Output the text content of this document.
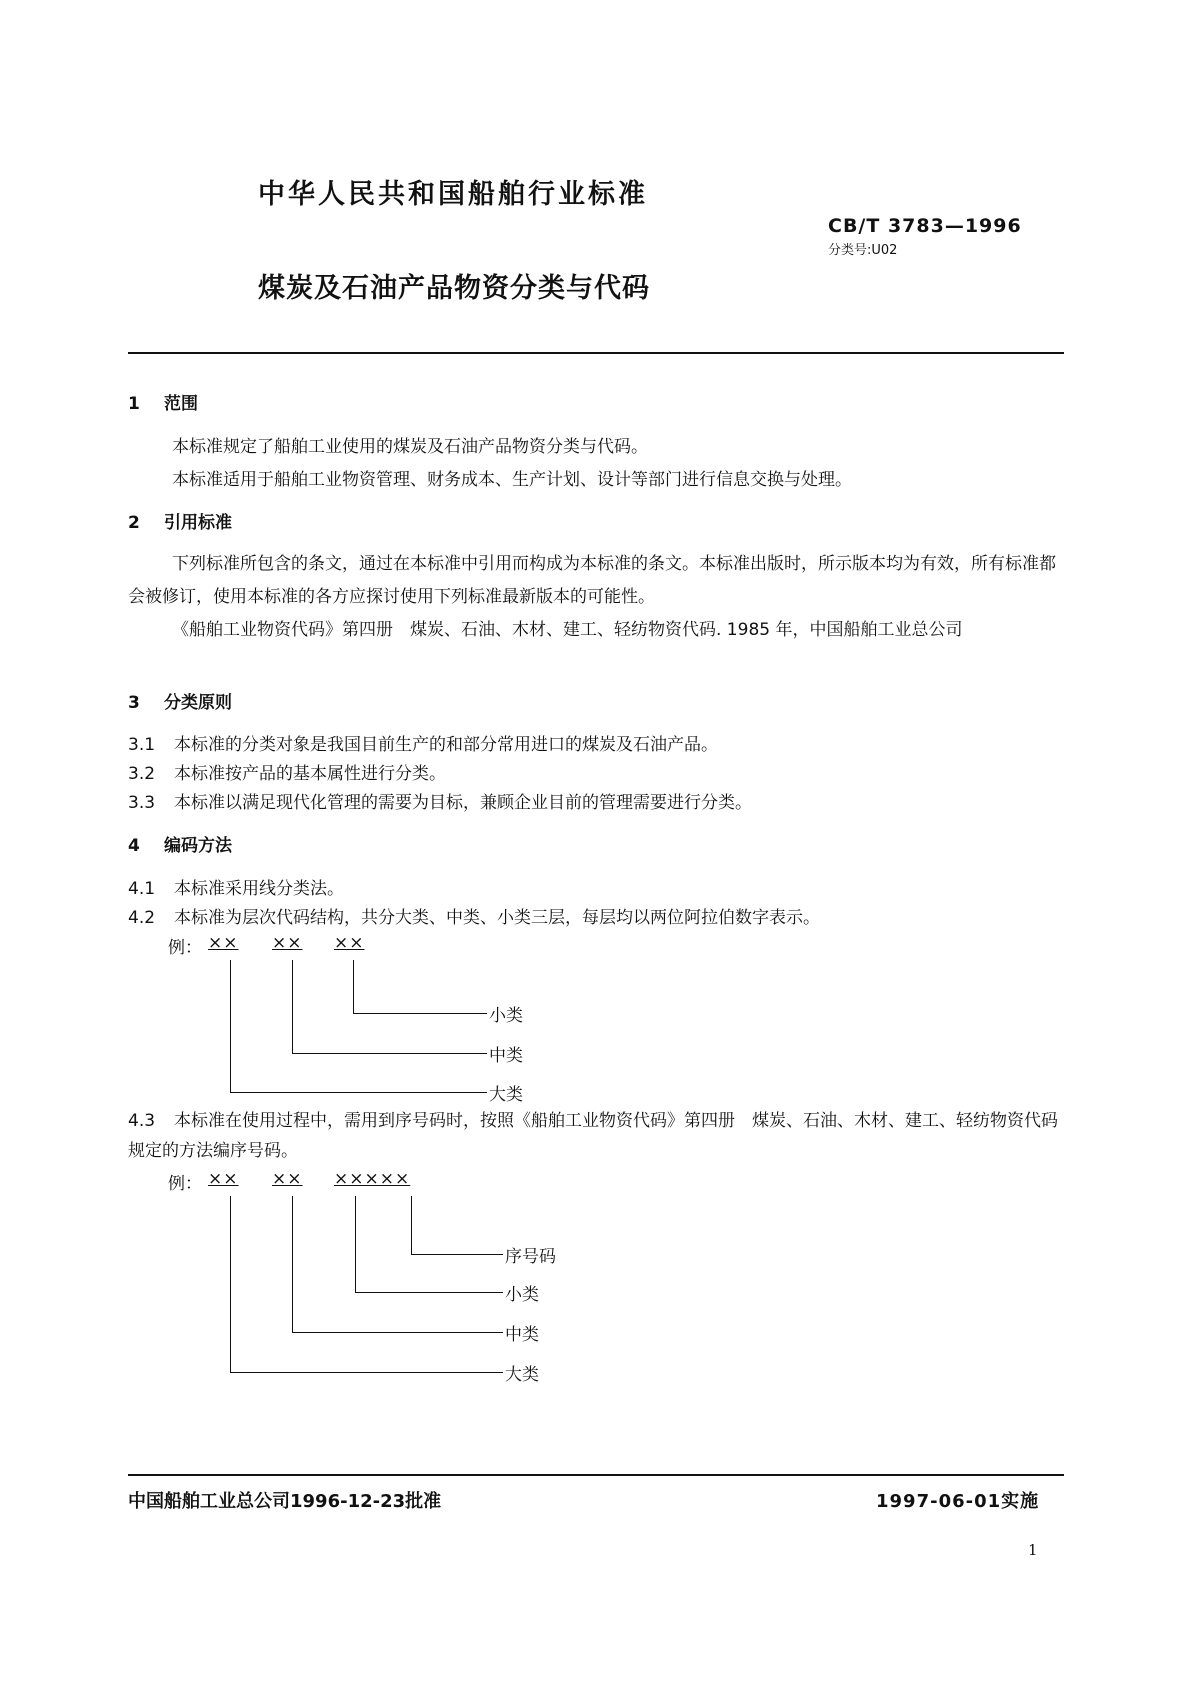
中华人民共和国船舶行业标准
CB/T 3783—1996
分类号:U02
煤炭及石油产品物资分类与代码
1 范围
本标准规定了船舶工业使用的煤炭及石油产品物资分类与代码。
本标准适用于船舶工业物资管理、财务成本、生产计划、设计等部门进行信息交换与处理。
2 引用标准
下列标准所包含的条文，通过在本标准中引用而构成为本标准的条文。本标准出版时，所示版本均为有效，所有标准都会被修订，使用本标准的各方应探讨使用下列标准最新版本的可能性。
《船舶工业物资代码》第四册　煤炭、石油、木材、建工、轻纺物资代码. 1985 年，中国船舶工业总公司
3 分类原则
3.1 本标准的分类对象是我国目前生产的和部分常用进口的煤炭及石油产品。
3.2 本标准按产品的基本属性进行分类。
3.3 本标准以满足现代化管理的需要为目标，兼顾企业目前的管理需要进行分类。
4 编码方法
4.1 本标准采用线分类法。
4.2 本标准为层次代码结构，共分大类、中类、小类三层，每层均以两位阿拉伯数字表示。
例： ×× ×× ××
小类
中类
大类
4.3 本标准在使用过程中，需用到序号码时，按照《船舶工业物资代码》第四册　煤炭、石油、木材、建工、轻纺物资代码规定的方法编序号码。
例： ×× ×× ×××××
序号码
小类
中类
大类
中国船舶工业总公司1996-12-23批准	1997-06-01实施
1
